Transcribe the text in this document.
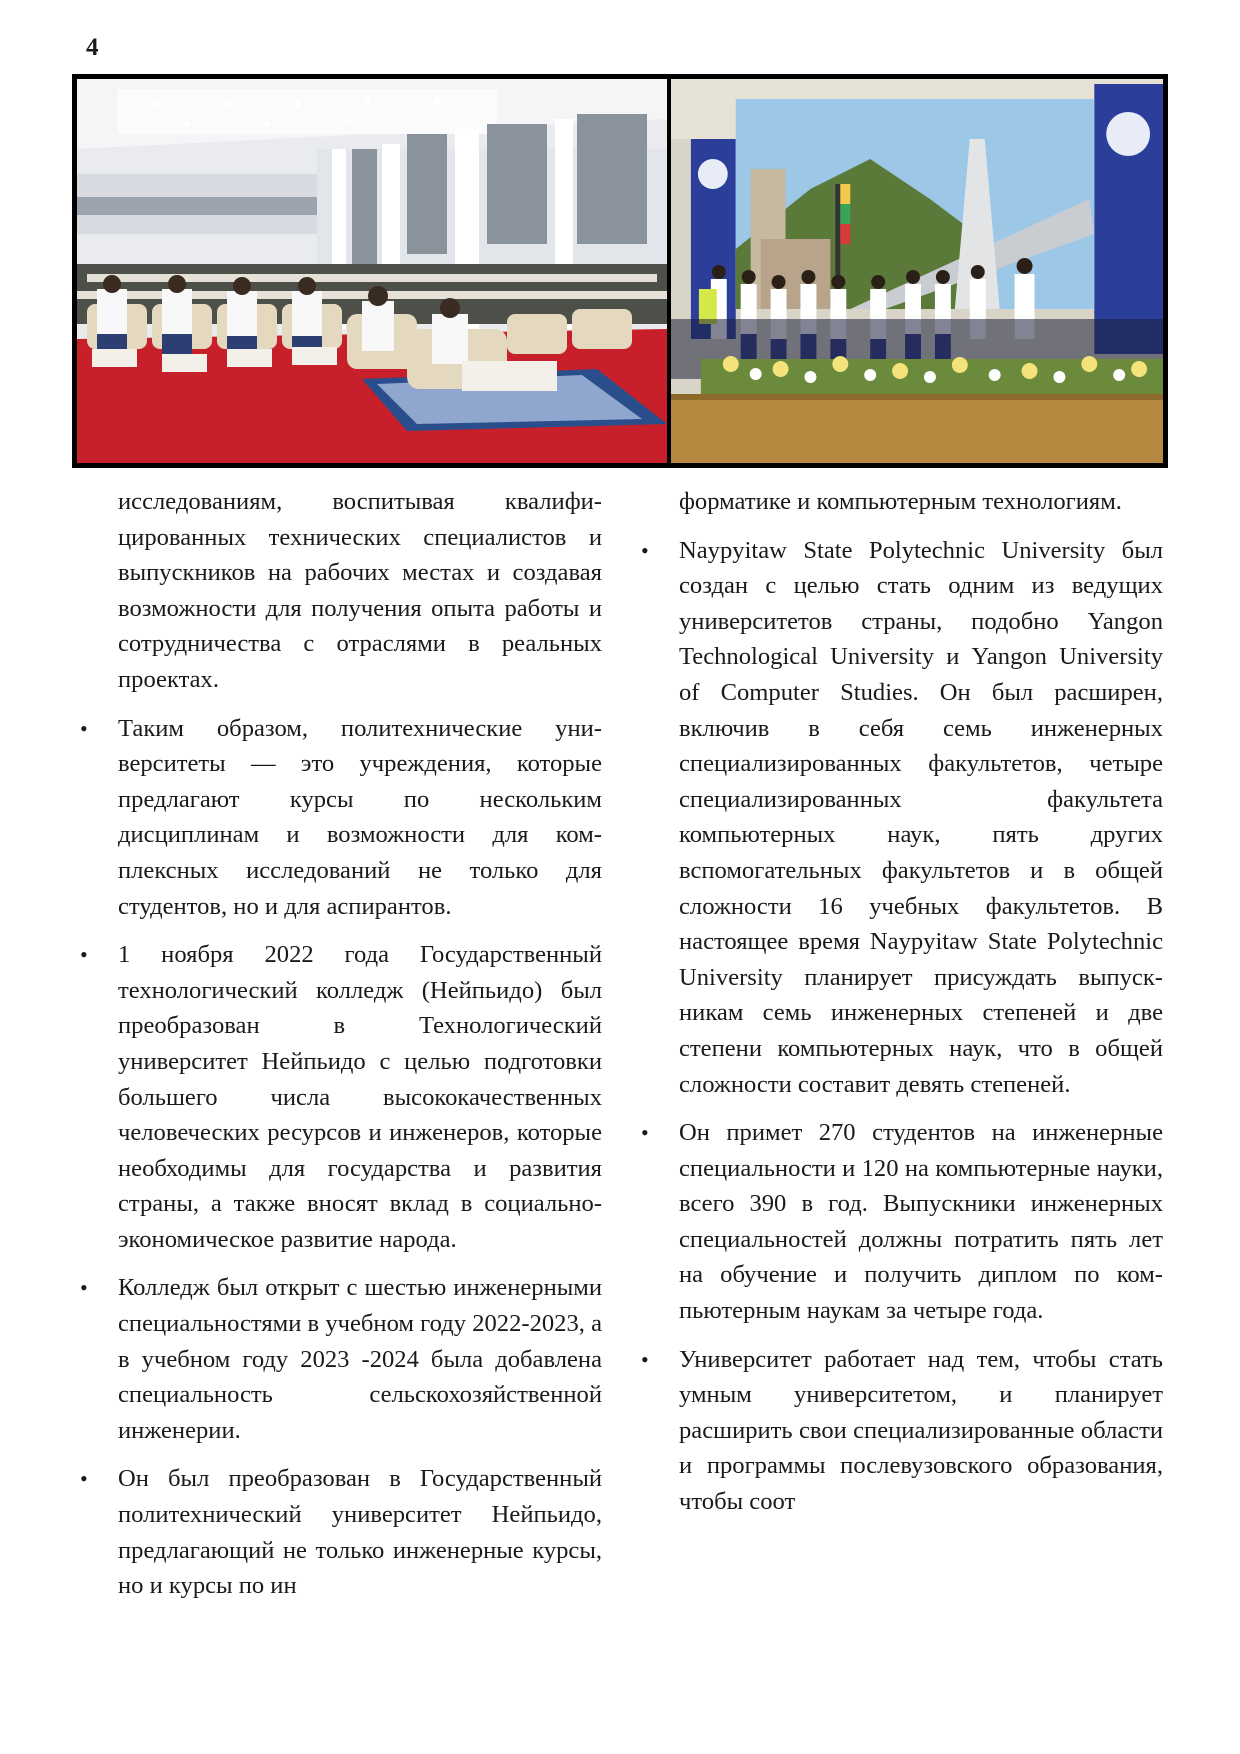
4

исследованиям, воспитывая квалифицированных технических специалистов и выпускников на рабочих местах и создавая возможности для получения опыта работы и сотрудничества с отраслями в реальных проектах.

• Таким образом, политехнические университеты — это учреждения, которые предлагают курсы по нескольким дисциплинам и возможности для комплексных исследований не только для студентов, но и для аспирантов.

• 1 ноября 2022 года Государственный технологический колледж (Нейпьидо) был преобразован в Технологический университет Нейпьидо с целью подготовки большего числа высококачественных человеческих ресурсов и инженеров, которые необходимы для государства и развития страны, а также вносят вклад в социально-экономическое развитие народа.

• Колледж был открыт с шестью инженерными специальностями в учебном году 2022-2023, а в учебном году 2023 -2024 была добавлена специальность сельскохозяйственной инженерии.

• Он был преобразован в Государственный политехнический университет Нейпьидо, предлагающий не только инженерные курсы, но и курсы по ин

форматике и компьютерным технологиям.

• Naypyitaw State Polytechnic University был создан с целью стать одним из ведущих университетов страны, подобно Yangon Technological University и Yangon University of Computer Studies. Он был расширен, включив в себя семь инженерных специализированных факультетов, четыре специализированных факультета компьютерных наук, пять других вспомогательных факультетов и в общей сложности 16 учебных факультетов. В настоящее время Naypyitaw State Polytechnic University планирует присуждать выпускникам семь инженерных степеней и две степени компьютерных наук, что в общей сложности составит девять степеней.

• Он примет 270 студентов на инженерные специальности и 120 на компьютерные науки, всего 390 в год. Выпускники инженерных специальностей должны потратить пять лет на обучение и получить диплом по компьютерным наукам за четыре года.

• Университет работает над тем, чтобы стать умным университетом, и планирует расширить свои специализированные области и программы послевузовского образования, чтобы соот
